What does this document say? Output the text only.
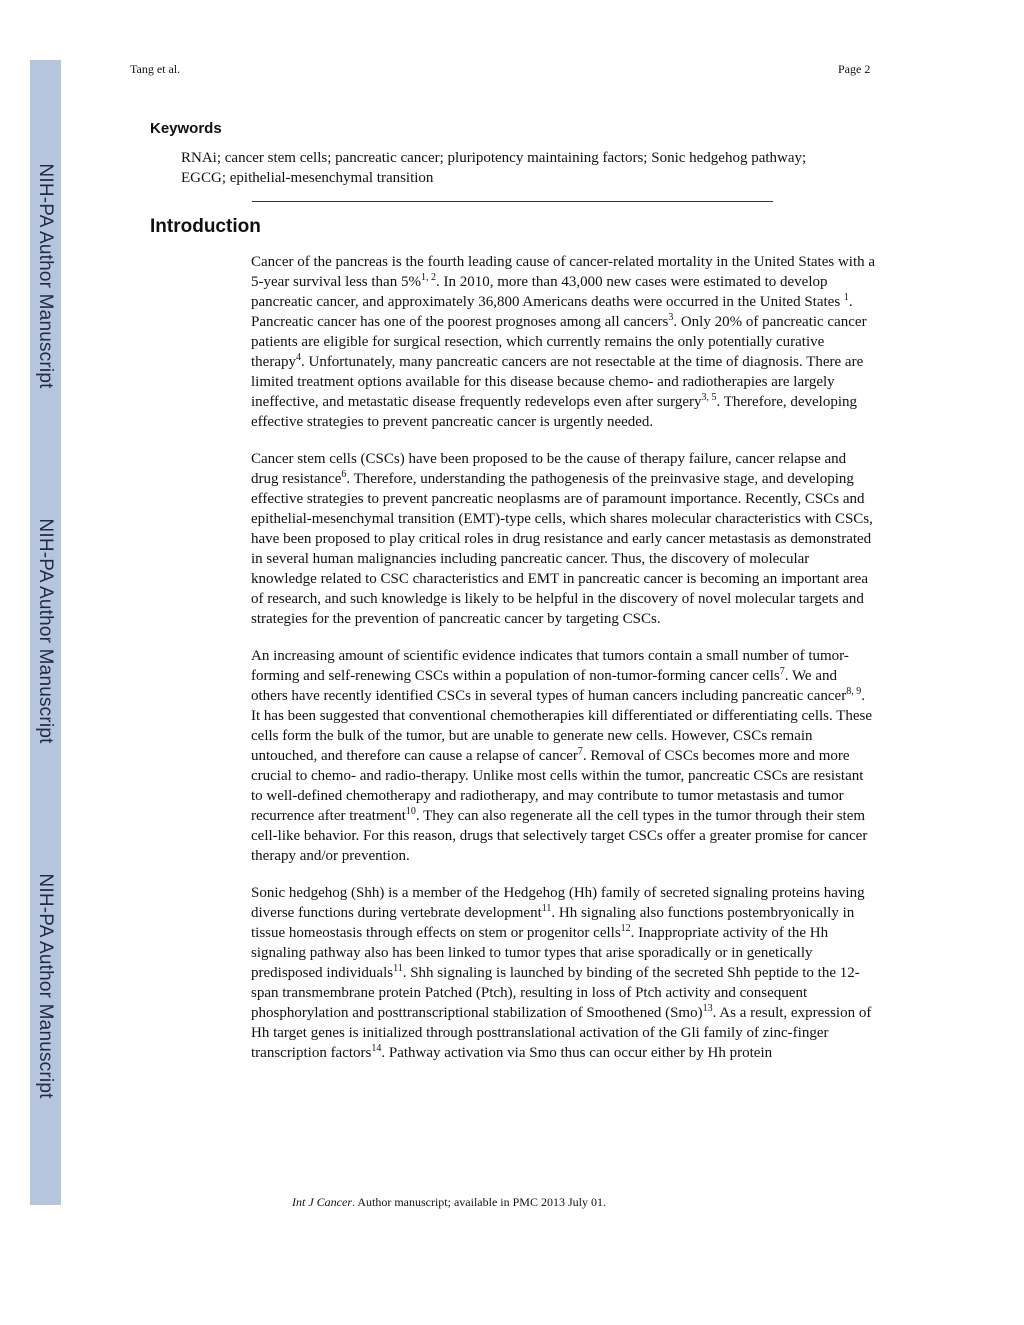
NIH-PA Author Manuscript
NIH-PA Author Manuscript
NIH-PA Author Manuscript
Tang et al.	Page 2
Keywords
RNAi; cancer stem cells; pancreatic cancer; pluripotency maintaining factors; Sonic hedgehog pathway; EGCG; epithelial-mesenchymal transition
Introduction

Cancer of the pancreas is the fourth leading cause of cancer-related mortality in the United States with a 5-year survival less than 5%$^{1, 2}$. In 2010, more than 43,000 new cases were estimated to develop pancreatic cancer, and approximately 36,800 Americans deaths were occurred in the United States $^1$. Pancreatic cancer has one of the poorest prognoses among all cancers$^3$. Only 20% of pancreatic cancer patients are eligible for surgical resection, which currently remains the only potentially curative therapy$^4$. Unfortunately, many pancreatic cancers are not resectable at the time of diagnosis. There are limited treatment options available for this disease because chemo- and radiotherapies are largely ineffective, and metastatic disease frequently redevelops even after surgery$^{3, 5}$. Therefore, developing effective strategies to prevent pancreatic cancer is urgently needed.

Cancer stem cells (CSCs) have been proposed to be the cause of therapy failure, cancer relapse and drug resistance$^6$. Therefore, understanding the pathogenesis of the preinvasive stage, and developing effective strategies to prevent pancreatic neoplasms are of paramount importance. Recently, CSCs and epithelial-mesenchymal transition (EMT)-type cells, which shares molecular characteristics with CSCs, have been proposed to play critical roles in drug resistance and early cancer metastasis as demonstrated in several human malignancies including pancreatic cancer. Thus, the discovery of molecular knowledge related to CSC characteristics and EMT in pancreatic cancer is becoming an important area of research, and such knowledge is likely to be helpful in the discovery of novel molecular targets and strategies for the prevention of pancreatic cancer by targeting CSCs.

An increasing amount of scientific evidence indicates that tumors contain a small number of tumor-forming and self-renewing CSCs within a population of non-tumor-forming cancer cells$^7$. We and others have recently identified CSCs in several types of human cancers including pancreatic cancer$^{8, 9}$. It has been suggested that conventional chemotherapies kill differentiated or differentiating cells. These cells form the bulk of the tumor, but are unable to generate new cells. However, CSCs remain untouched, and therefore can cause a relapse of cancer$^7$. Removal of CSCs becomes more and more crucial to chemo- and radio-therapy. Unlike most cells within the tumor, pancreatic CSCs are resistant to well-defined chemotherapy and radiotherapy, and may contribute to tumor metastasis and tumor recurrence after treatment$^{10}$. They can also regenerate all the cell types in the tumor through their stem cell-like behavior. For this reason, drugs that selectively target CSCs offer a greater promise for cancer therapy and/or prevention.

Sonic hedgehog (Shh) is a member of the Hedgehog (Hh) family of secreted signaling proteins having diverse functions during vertebrate development$^{11}$. Hh signaling also functions postembryonically in tissue homeostasis through effects on stem or progenitor cells$^{12}$. Inappropriate activity of the Hh signaling pathway also has been linked to tumor types that arise sporadically or in genetically predisposed individuals$^{11}$. Shh signaling is launched by binding of the secreted Shh peptide to the 12-span transmembrane protein Patched (Ptch), resulting in loss of Ptch activity and consequent phosphorylation and posttranscriptional stabilization of Smoothened (Smo)$^{13}$. As a result, expression of Hh target genes is initialized through posttranslational activation of the Gli family of zinc-finger transcription factors$^{14}$. Pathway activation via Smo thus can occur either by Hh protein

Int J Cancer. Author manuscript; available in PMC 2013 July 01.
